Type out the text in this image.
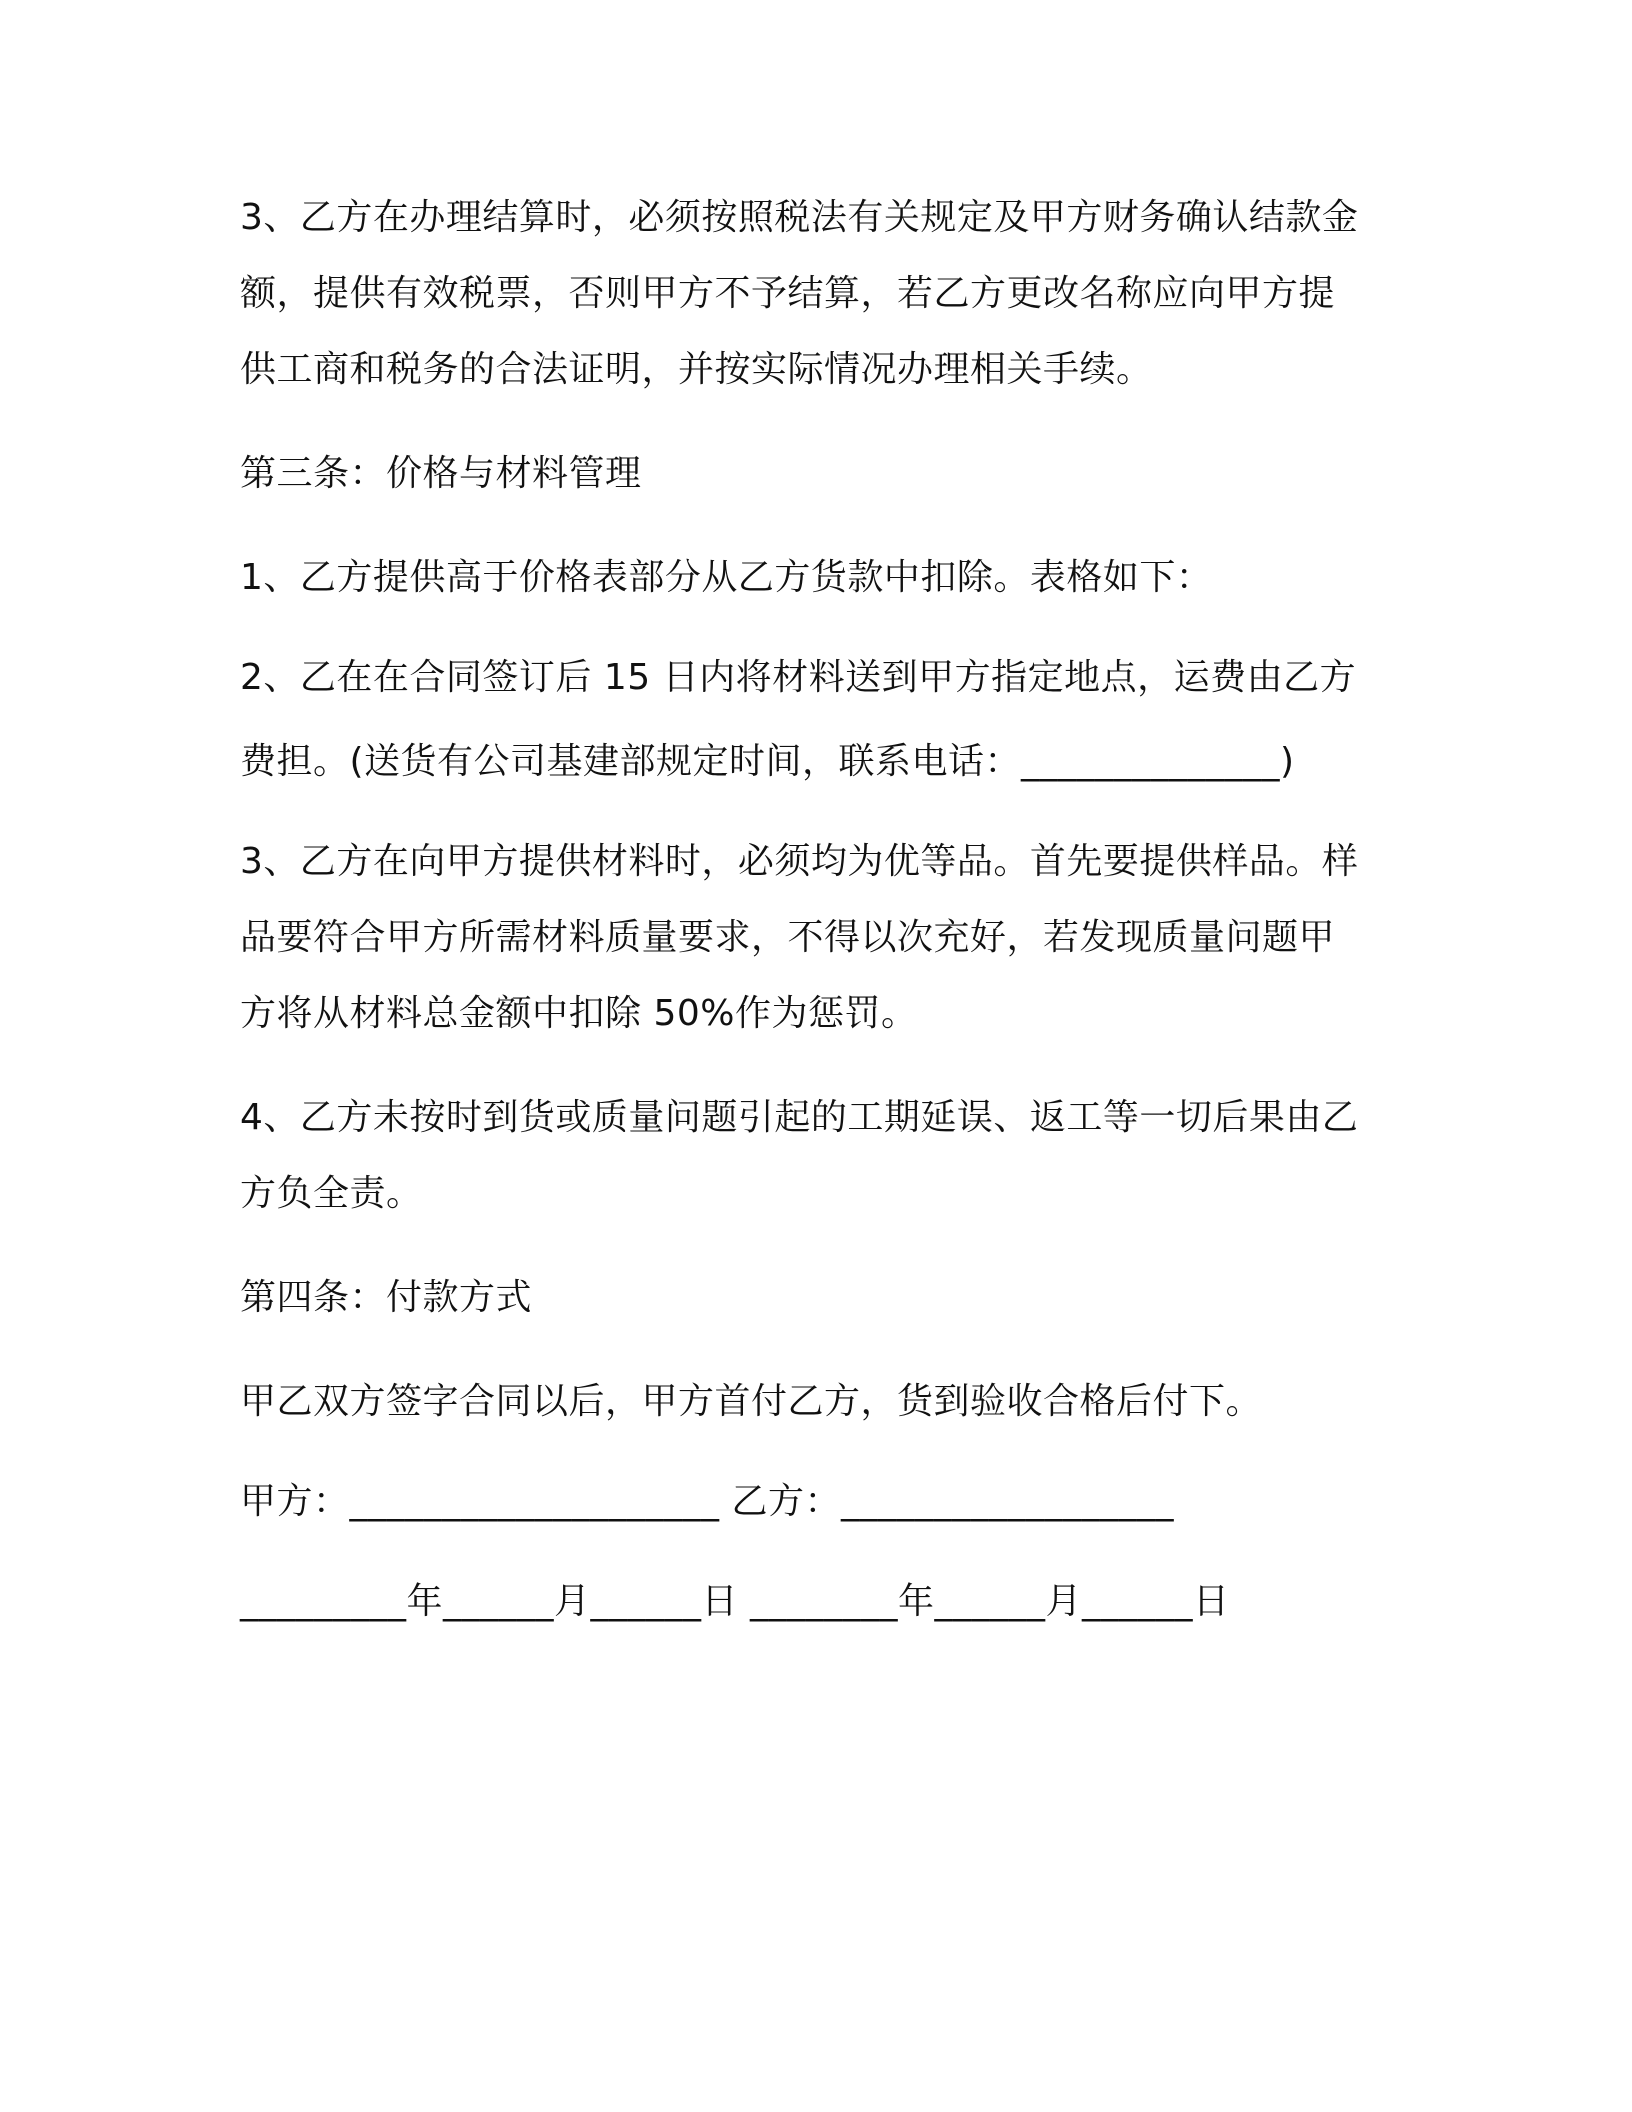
3、乙方在办理结算时，必须按照税法有关规定及甲方财务确认结款金
额，提供有效税票，否则甲方不予结算，若乙方更改名称应向甲方提
供工商和税务的合法证明，并按实际情况办理相关手续。
第三条：价格与材料管理
1、乙方提供高于价格表部分从乙方货款中扣除。表格如下：
2、乙在在合同签订后 15 日内将材料送到甲方指定地点，运费由乙方
费担。(送货有公司基建部规定时间，联系电话：______________)
3、乙方在向甲方提供材料时，必须均为优等品。首先要提供样品。样
品要符合甲方所需材料质量要求，不得以次充好，若发现质量问题甲
方将从材料总金额中扣除 50%作为惩罚。
4、乙方未按时到货或质量问题引起的工期延误、返工等一切后果由乙
方负全责。
第四条：付款方式
甲乙双方签字合同以后，甲方首付乙方，货到验收合格后付下。
甲方：____________________ 乙方：__________________
_________年______月______日 ________年______月______日
